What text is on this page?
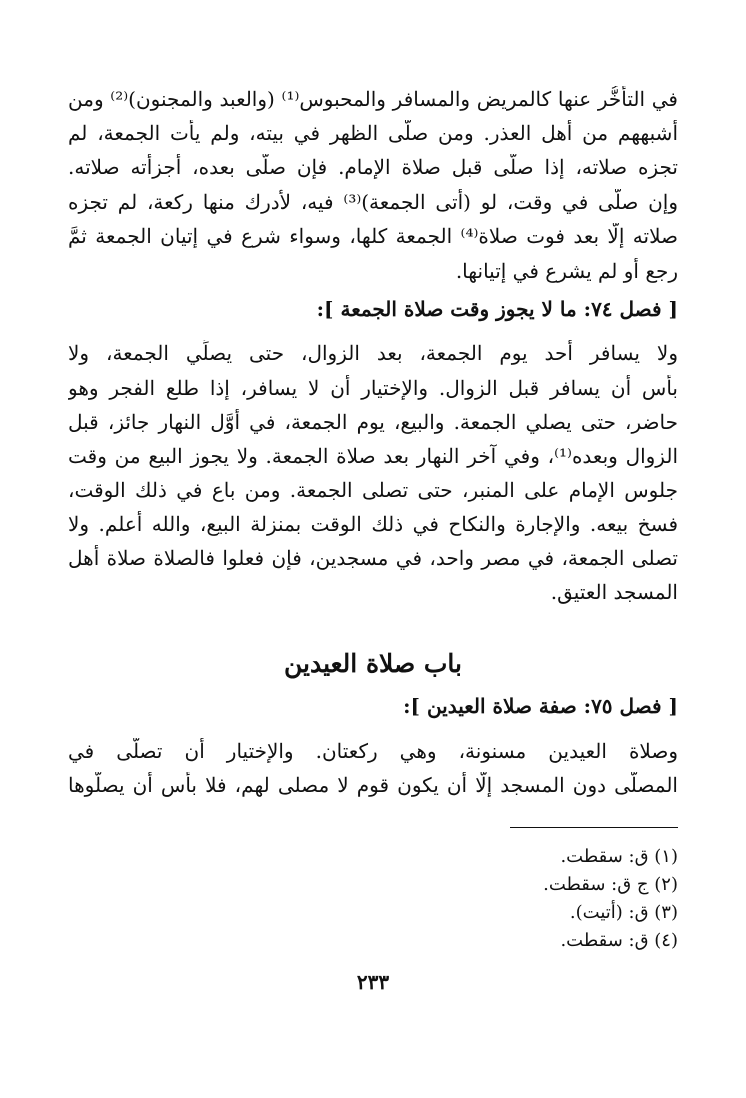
في التأخُّر عنها كالمريض والمسافر والمحبوس⁽¹⁾ (والعبد والمجنون)⁽²⁾ ومن
أشبههم من أهل العذر. ومن صلَّى الظهر في بيته، ولم يأت الجمعة، لم
تجزه صلاته، إذا صلَّى قبل صلاة الإمام. فإن صلَّى بعده، أجزأته صلاته.
وإن صلَّى في وقت، لو (أتى الجمعة)⁽³⁾ فيه، لأدرك منها ركعة، لم تجزه
صلاته إلَّا بعد فوت صلاة⁽⁴⁾ الجمعة كلها، وسواء شرع في إتيان الجمعة ثمَّ
رجع أو لم يشرع في إتيانها.
[ فصل ٧٤: ما لا يجوز وقت صلاة الجمعة ]:
ولا يسافر أحد يوم الجمعة، بعد الزوال، حتى يصلِّي الجمعة، ولا
بأس أن يسافر قبل الزوال. والإختيار أن لا يسافر، إذا طلع الفجر وهو
حاضر، حتى يصلي الجمعة. والبيع، يوم الجمعة، في أوَّل النهار جائز، قبل
الزوال وبعده⁽¹⁾، وفي آخر النهار بعد صلاة الجمعة. ولا يجوز البيع من وقت
جلوس الإمام على المنبر، حتى تصلى الجمعة. ومن باع في ذلك الوقت،
فسخ بيعه. والإجارة والنكاح في ذلك الوقت بمنزلة البيع، والله أعلم. ولا
تصلى الجمعة، في مصر واحد، في مسجدين، فإن فعلوا فالصلاة صلاة أهل
المسجد العتيق.
باب صلاة العيدين
[ فصل ٧٥: صفة صلاة العيدين ]:
وصلاة العيدين مسنونة، وهي ركعتان. والإختيار أن تصلَّى في
المصلَّى دون المسجد إلَّا أن يكون قوم لا مصلى لهم، فلا بأس أن يصلُّوها
(١) ق: سقطت.
(٢) ج ق: سقطت.
(٣) ق: (أتيت).
(٤) ق: سقطت.
٢٣٣
